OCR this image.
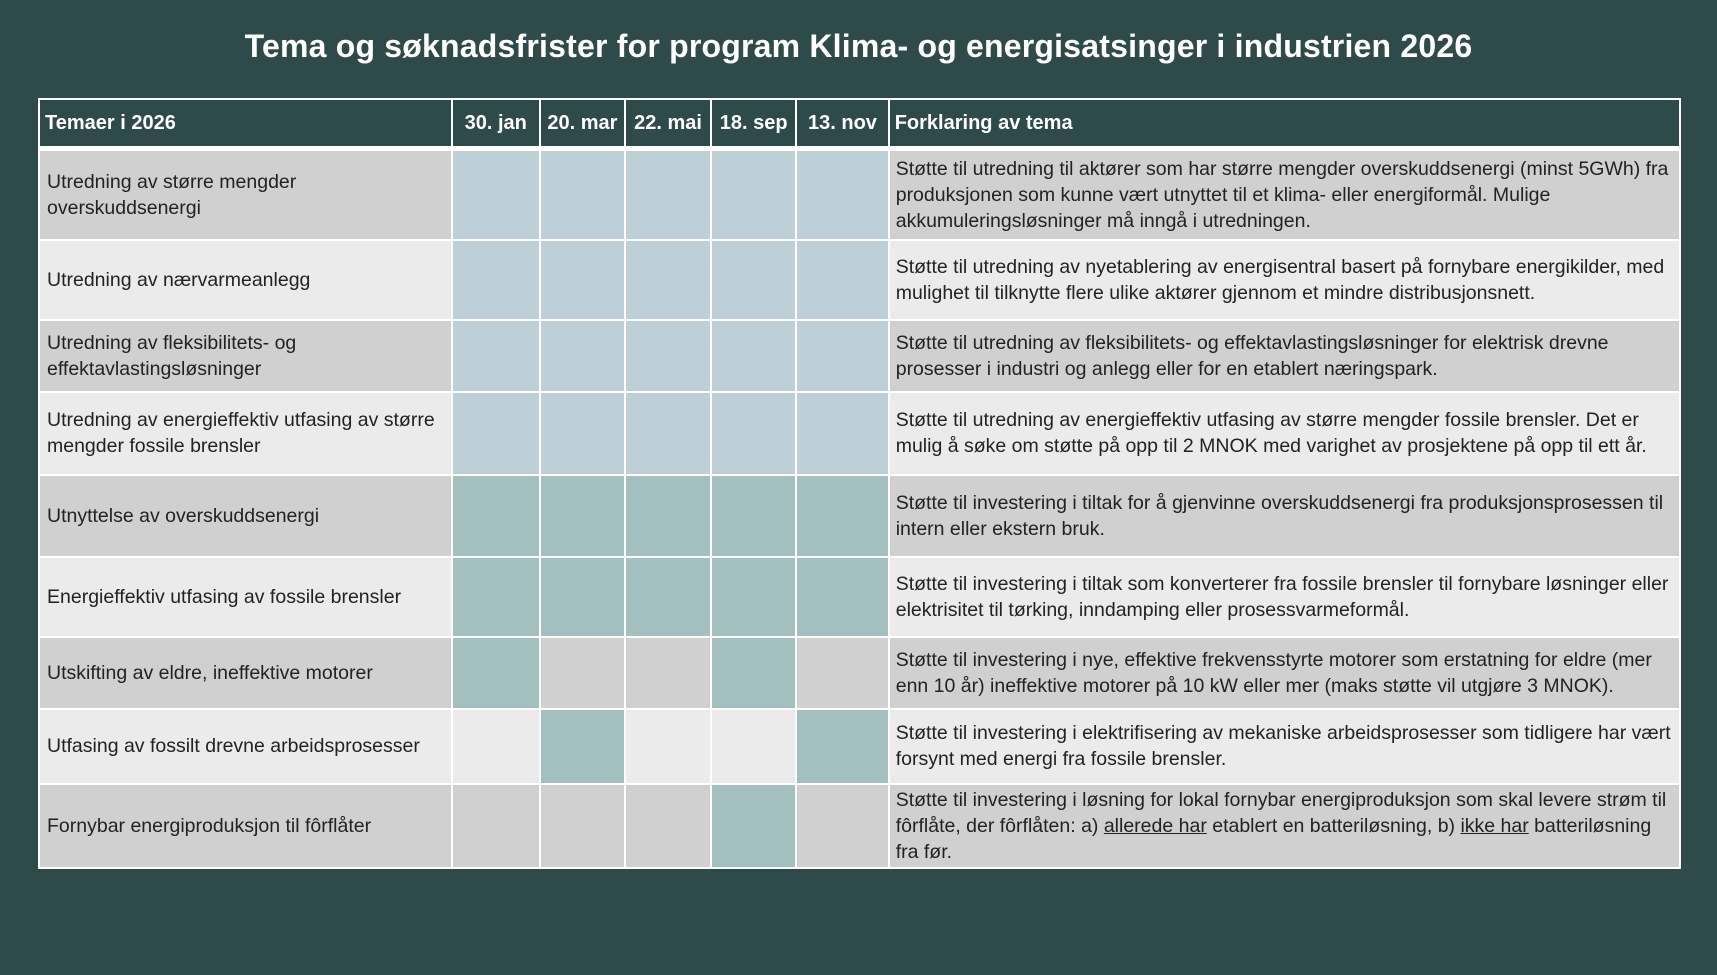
Tema og søknadsfrister for program Klima- og energisatsinger i industrien 2026
Temaer i 2026	30. jan	20. mar	22. mai	18. sep	13. nov	Forklaring av tema
Utredning av større mengder overskuddsenergi						Støtte til utredning til aktører som har større mengder overskuddsenergi (minst 5GWh) fra produksjonen som kunne vært utnyttet til et klima- eller energiformål. Mulige akkumuleringsløsninger må inngå i utredningen.
Utredning av nærvarmeanlegg						Støtte til utredning av nyetablering av energisentral basert på fornybare energikilder, med mulighet til tilknytte flere ulike aktører gjennom et mindre distribusjonsnett.
Utredning av fleksibilitets- og effektavlastingsløsninger						Støtte til utredning av fleksibilitets- og effektavlastingsløsninger for elektrisk drevne prosesser i industri og anlegg eller for en etablert næringspark.
Utredning av energieffektiv utfasing av større mengder fossile brensler						Støtte til utredning av energieffektiv utfasing av større mengder fossile brensler. Det er mulig å søke om støtte på opp til 2 MNOK med varighet av prosjektene på opp til ett år.
Utnyttelse av overskuddsenergi						Støtte til investering i tiltak for å gjenvinne overskuddsenergi fra produksjonsprosessen til intern eller ekstern bruk.
Energieffektiv utfasing av fossile brensler						Støtte til investering i tiltak som konverterer fra fossile brensler til fornybare løsninger eller elektrisitet til tørking, inndamping eller prosessvarmeformål.
Utskifting av eldre, ineffektive motorer						Støtte til investering i nye, effektive frekvensstyrte motorer som erstatning for eldre (mer enn 10 år) ineffektive motorer på 10 kW eller mer (maks støtte vil utgjøre 3 MNOK).
Utfasing av fossilt drevne arbeidsprosesser						Støtte til investering i elektrifisering av mekaniske arbeidsprosesser som tidligere har vært forsynt med energi fra fossile brensler.
Fornybar energiproduksjon til fôrflåter						Støtte til investering i løsning for lokal fornybar energiproduksjon som skal levere strøm til fôrflåte, der fôrflåten: a) allerede har etablert en batteriløsning, b) ikke har batteriløsning fra før.
